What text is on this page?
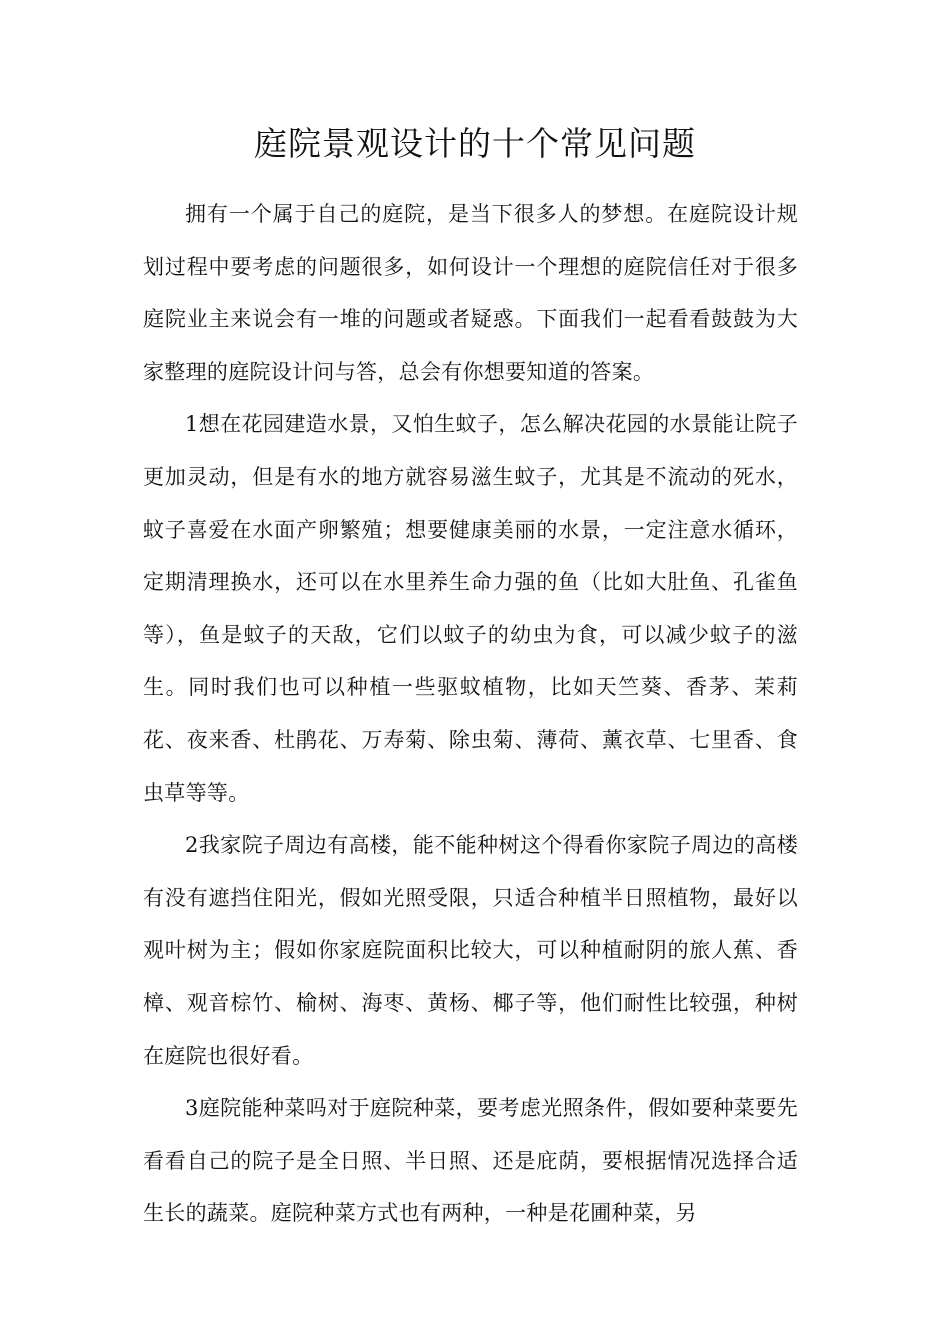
庭院景观设计的十个常见问题

拥有一个属于自己的庭院，是当下很多人的梦想。在庭院设计规划过程中要考虑的问题很多，如何设计一个理想的庭院信任对于很多庭院业主来说会有一堆的问题或者疑惑。下面我们一起看看鼓鼓为大家整理的庭院设计问与答，总会有你想要知道的答案。

1想在花园建造水景，又怕生蚊子，怎么解决花园的水景能让院子更加灵动，但是有水的地方就容易滋生蚊子，尤其是不流动的死水，蚊子喜爱在水面产卵繁殖；想要健康美丽的水景，一定注意水循环，定期清理换水，还可以在水里养生命力强的鱼（比如大肚鱼、孔雀鱼等），鱼是蚊子的天敌，它们以蚊子的幼虫为食，可以减少蚊子的滋生。同时我们也可以种植一些驱蚊植物，比如天竺葵、香茅、茉莉花、夜来香、杜鹃花、万寿菊、除虫菊、薄荷、薰衣草、七里香、食虫草等等。

2我家院子周边有高楼，能不能种树这个得看你家院子周边的高楼有没有遮挡住阳光，假如光照受限，只适合种植半日照植物，最好以观叶树为主；假如你家庭院面积比较大，可以种植耐阴的旅人蕉、香樟、观音棕竹、榆树、海枣、黄杨、椰子等，他们耐性比较强，种树在庭院也很好看。

3庭院能种菜吗对于庭院种菜，要考虑光照条件，假如要种菜要先看看自己的院子是全日照、半日照、还是庇荫，要根据情况选择合适生长的蔬菜。庭院种菜方式也有两种，一种是花圃种菜，另
